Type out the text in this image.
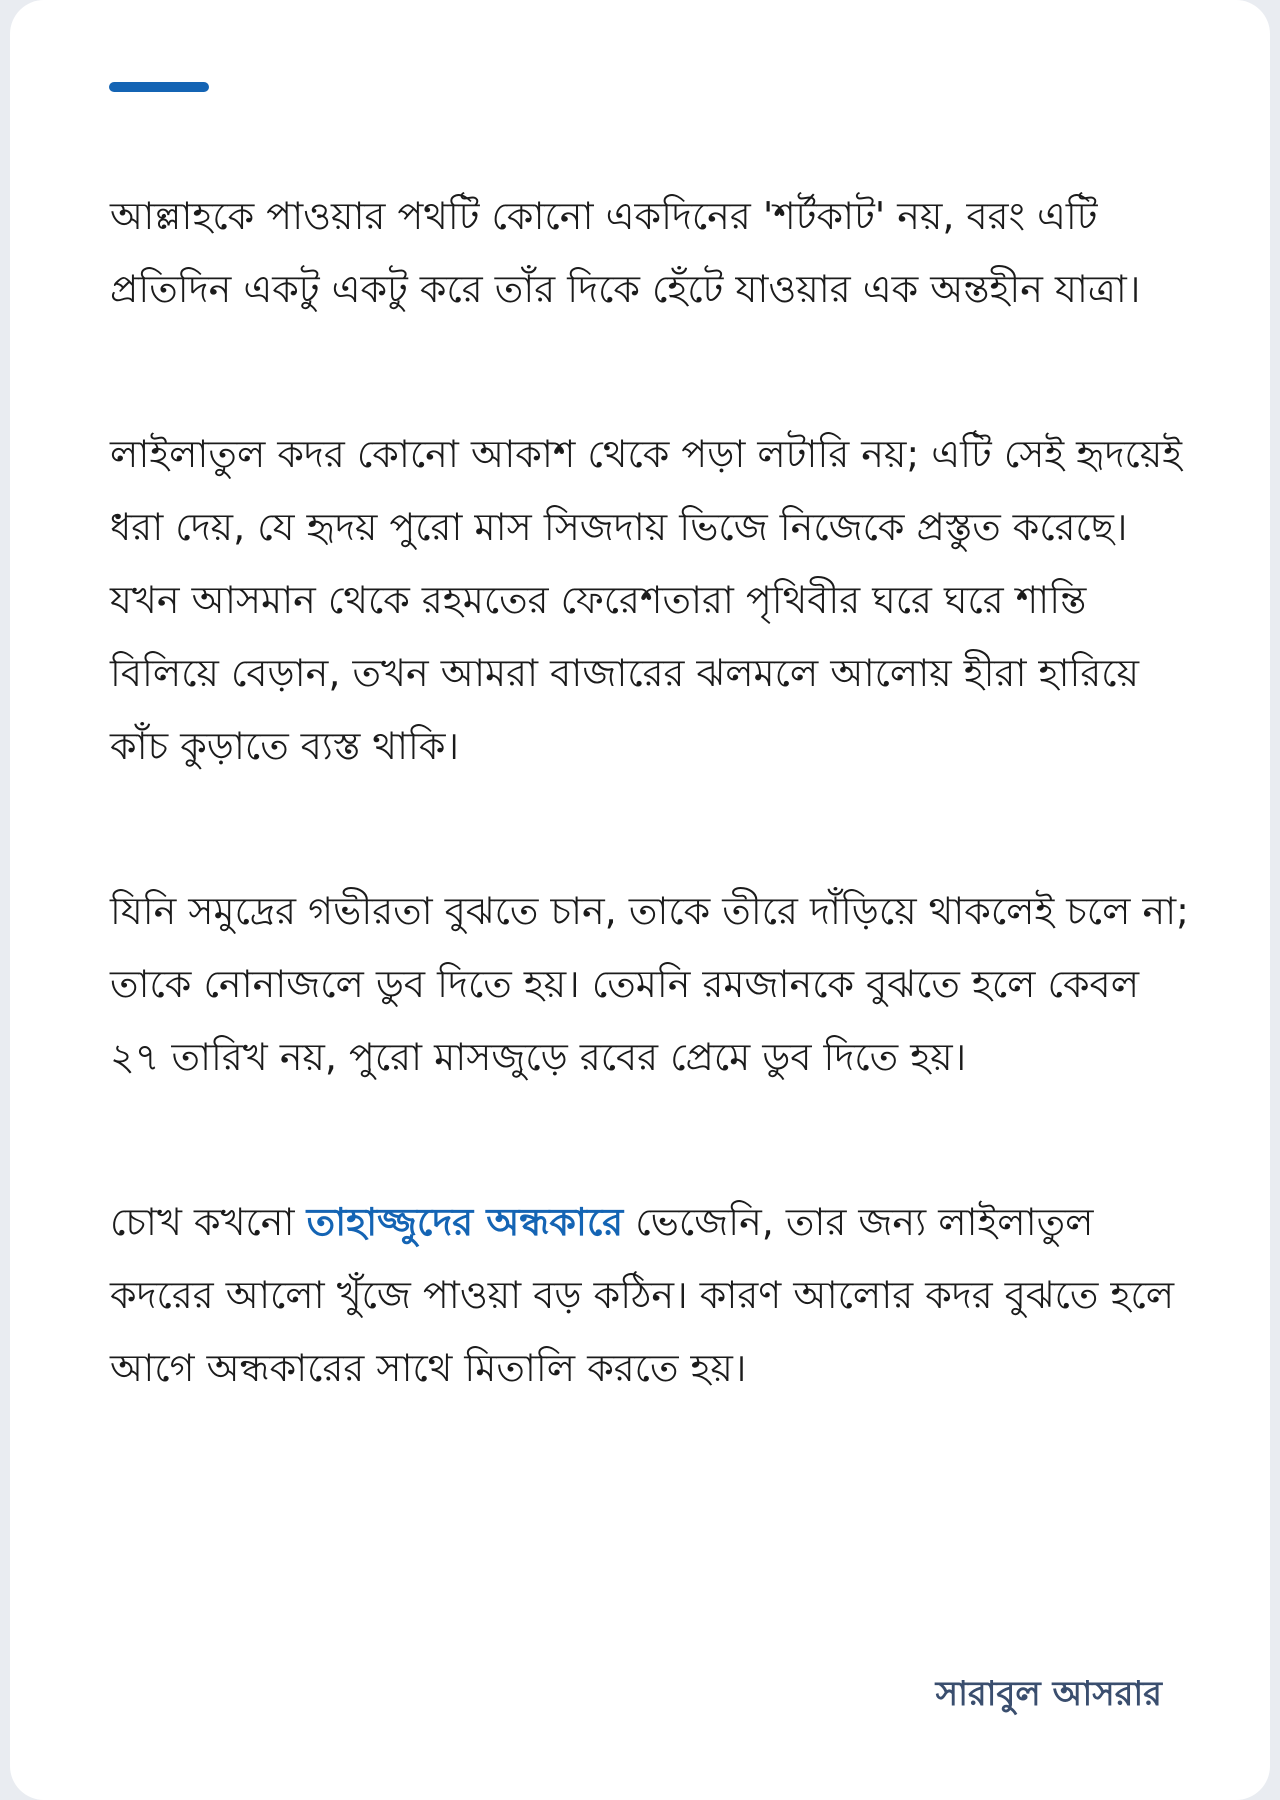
আল্লাহকে পাওয়ার পথটি কোনো একদিনের 'শর্টকাট' নয়, বরং এটি প্রতিদিন একটু একটু করে তাঁর দিকে হেঁটে যাওয়ার এক অন্তহীন যাত্রা।

লাইলাতুল কদর কোনো আকাশ থেকে পড়া লটারি নয়; এটি সেই হৃদয়েই ধরা দেয়, যে হৃদয় পুরো মাস সিজদায় ভিজে নিজেকে প্রস্তুত করেছে। যখন আসমান থেকে রহমতের ফেরেশতারা পৃথিবীর ঘরে ঘরে শান্তি বিলিয়ে বেড়ান, তখন আমরা বাজারের ঝলমলে আলোয় হীরা হারিয়ে কাঁচ কুড়াতে ব্যস্ত থাকি।

যিনি সমুদ্রের গভীরতা বুঝতে চান, তাকে তীরে দাঁড়িয়ে থাকলেই চলে না; তাকে নোনাজলে ডুব দিতে হয়। তেমনি রমজানকে বুঝতে হলে কেবল ২৭ তারিখ নয়, পুরো মাসজুড়ে রবের প্রেমে ডুব দিতে হয়।

চোখ কখনো তাহাজ্জুদের অন্ধকারে ভেজেনি, তার জন্য লাইলাতুল কদরের আলো খুঁজে পাওয়া বড় কঠিন। কারণ আলোর কদর বুঝতে হলে আগে অন্ধকারের সাথে মিতালি করতে হয়।

সারাবুল আসরার
